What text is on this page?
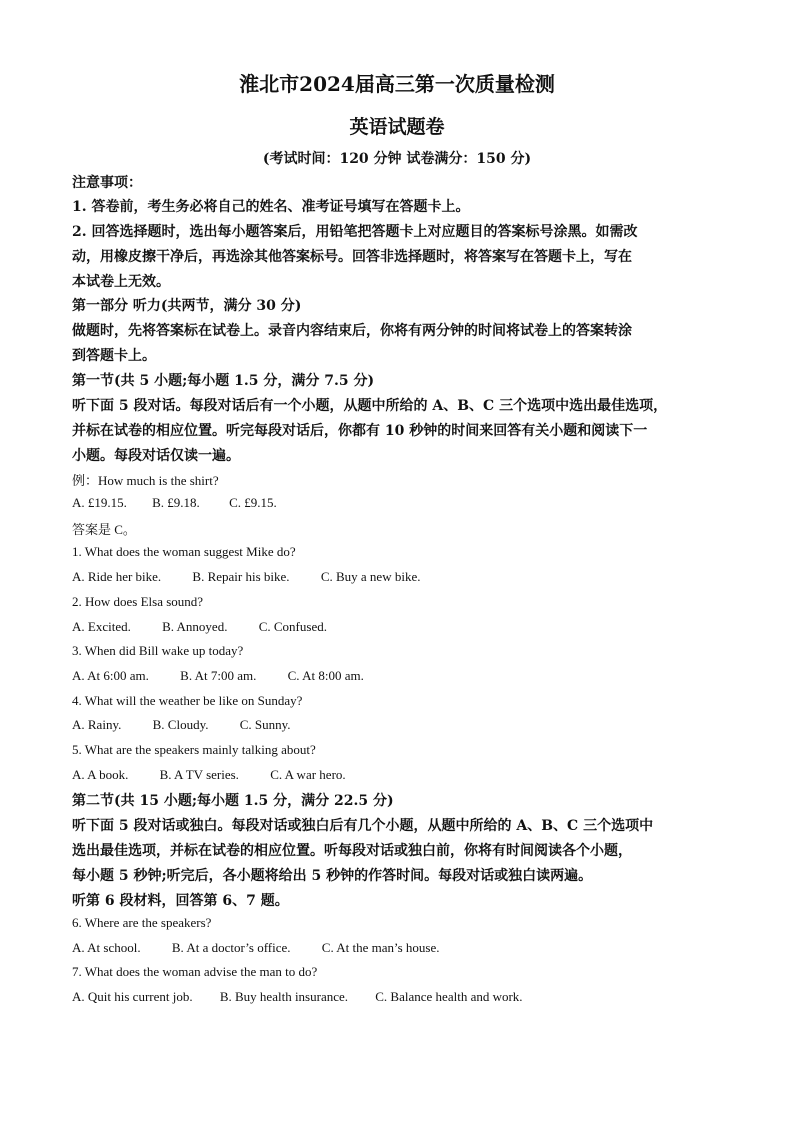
淮北市2024届高三第一次质量检测
英语试题卷
(考试时间：120 分钟 试卷满分：150 分)
注意事项：
1. 答卷前，考生务必将自己的姓名、准考证号填写在答题卡上。
2. 回答选择题时，选出每小题答案后，用铅笔把答题卡上对应题目的答案标号涂黑。如需改
动，用橡皮擦干净后，再选涂其他答案标号。回答非选择题时，将答案写在答题卡上，写在
本试卷上无效。
第一部分 听力(共两节，满分 30 分)
做题时，先将答案标在试卷上。录音内容结束后，你将有两分钟的时间将试卷上的答案转涂
到答题卡上。
第一节(共 5 小题;每小题 1.5 分，满分 7.5 分)
听下面 5 段对话。每段对话后有一个小题，从题中所给的 A、B、C 三个选项中选出最佳选项，
并标在试卷的相应位置。听完每段对话后，你都有 10 秒钟的时间来回答有关小题和阅读下一
小题。每段对话仅读一遍。
例：How much is the shirt?
A. £19.15. B. £9.18. C. £9.15.
答案是 C。
1. What does the woman suggest Mike do?
A. Ride her bike. B. Repair his bike. C. Buy a new bike.
2. How does Elsa sound?
A. Excited. B. Annoyed. C. Confused.
3. When did Bill wake up today?
A. At 6:00 am. B. At 7:00 am. C. At 8:00 am.
4. What will the weather be like on Sunday?
A. Rainy. B. Cloudy. C. Sunny.
5. What are the speakers mainly talking about?
A. A book. B. A TV series. C. A war hero.
第二节(共 15 小题;每小题 1.5 分，满分 22.5 分)
听下面 5 段对话或独白。每段对话或独白后有几个小题，从题中所给的 A、B、C 三个选项中
选出最佳选项，并标在试卷的相应位置。听每段对话或独白前，你将有时间阅读各个小题，
每小题 5 秒钟;听完后，各小题将给出 5 秒钟的作答时间。每段对话或独白读两遍。
听第 6 段材料，回答第 6、7 题。
6. Where are the speakers?
A. At school. B. At a doctor’s office. C. At the man’s house.
7. What does the woman advise the man to do?
A. Quit his current job. B. Buy health insurance. C. Balance health and work.
